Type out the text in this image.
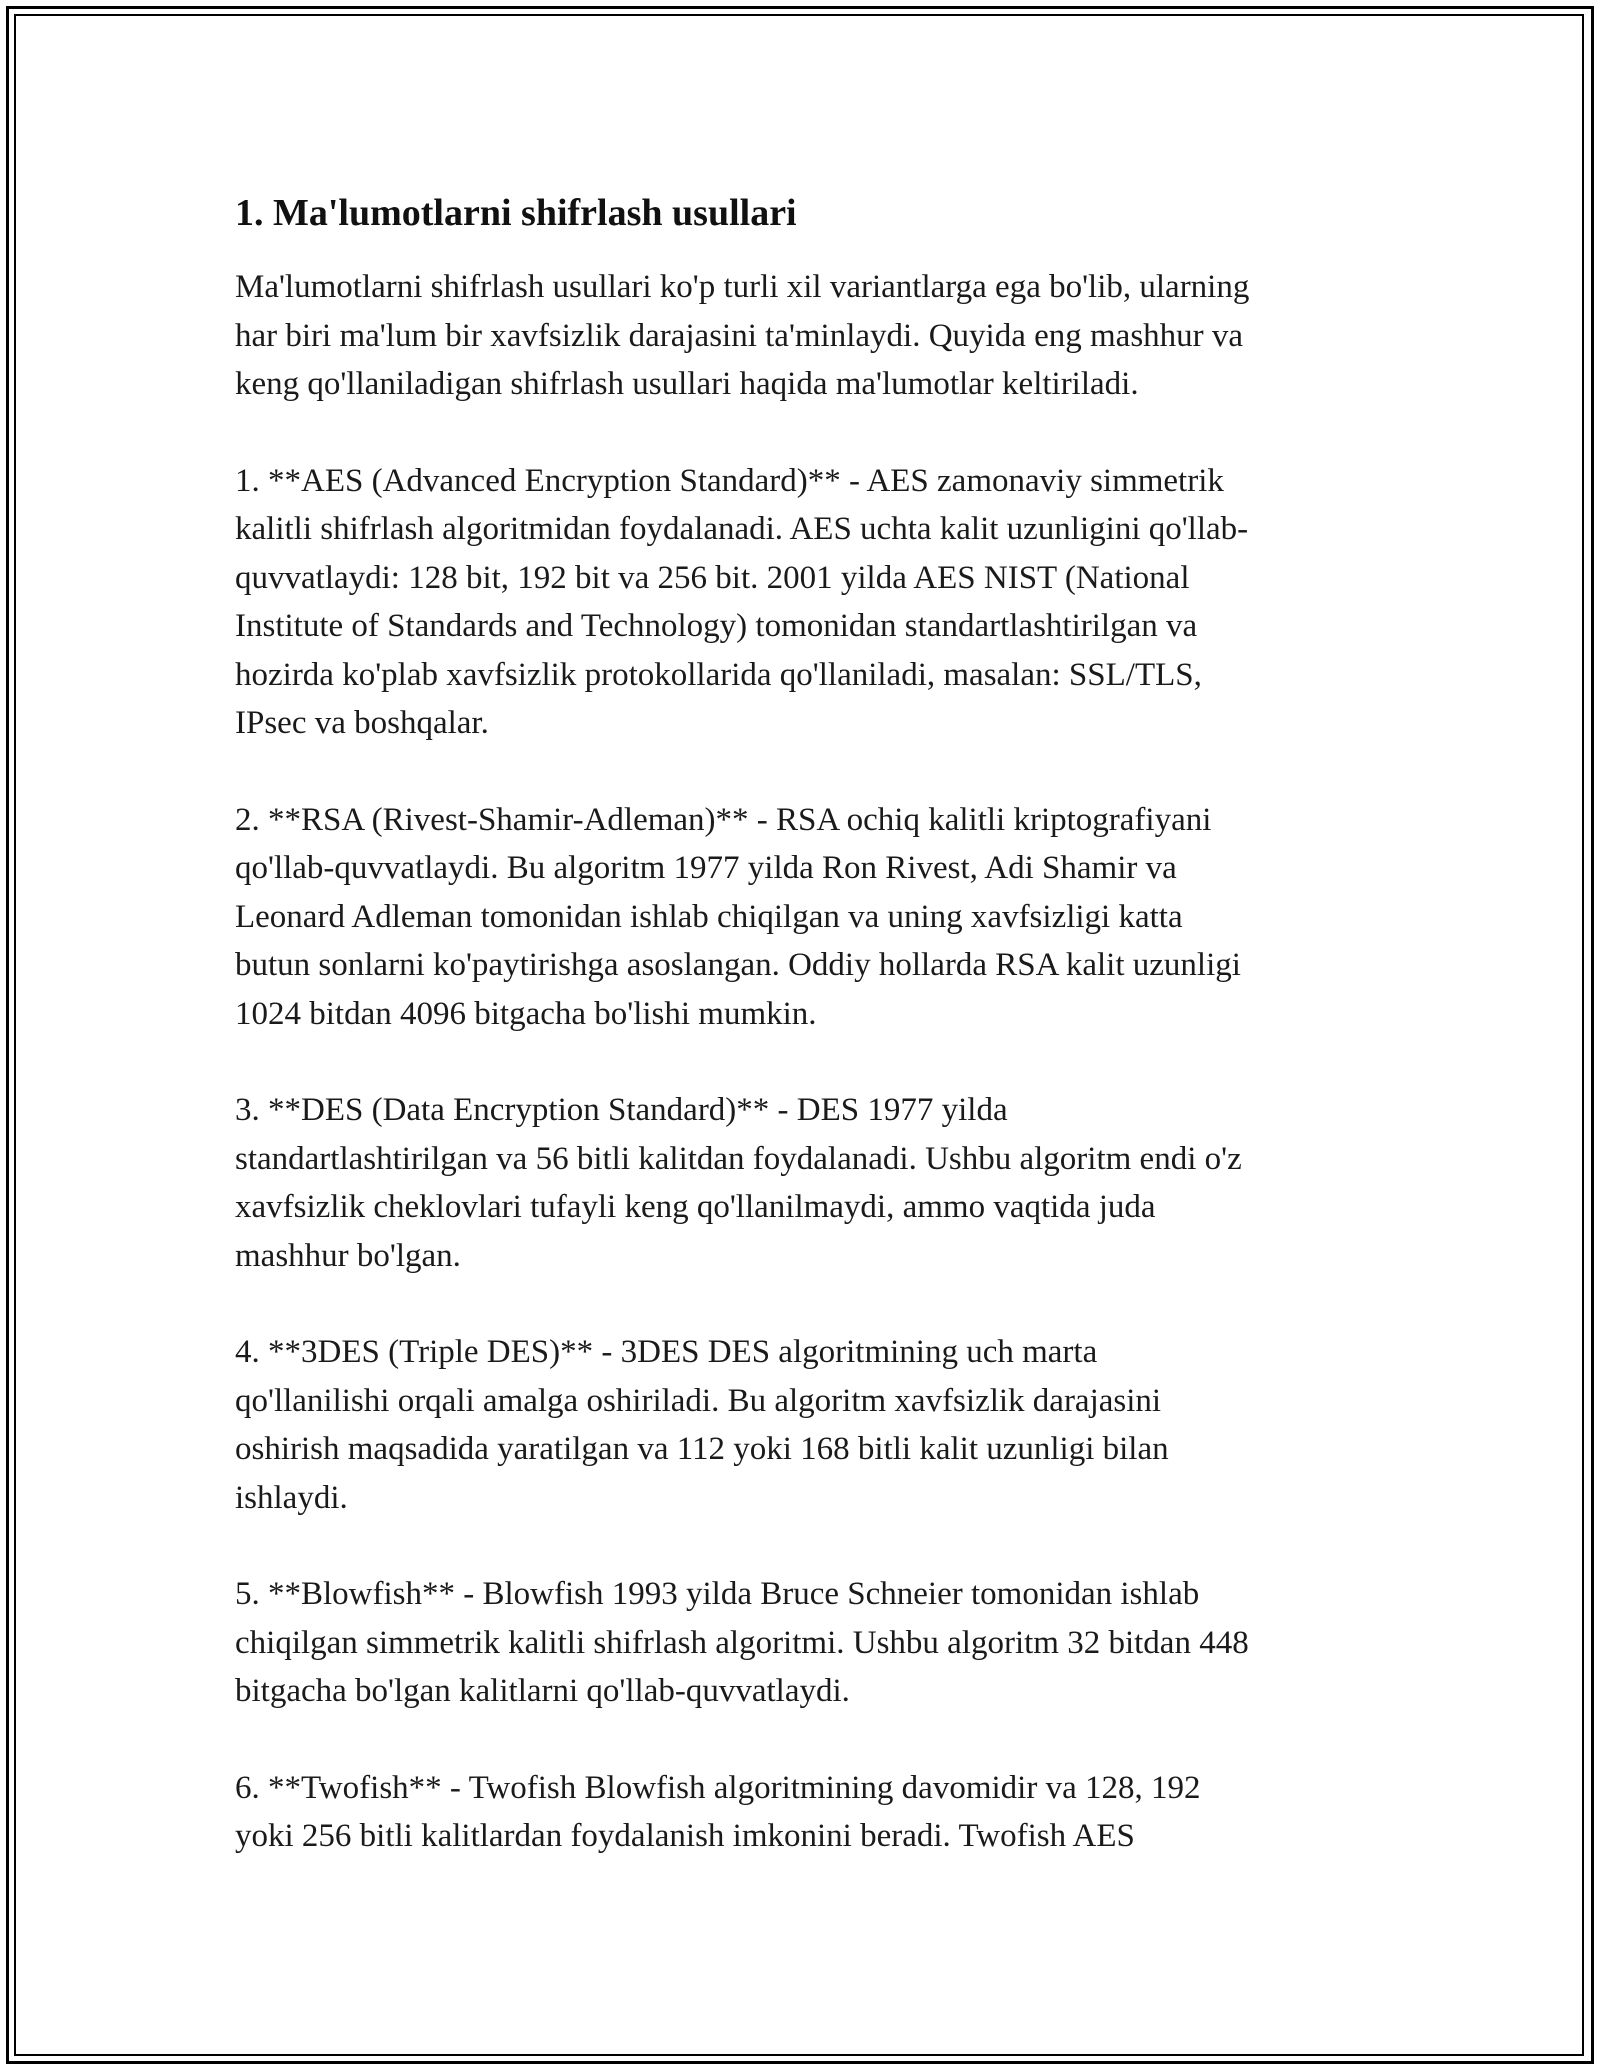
1. Ma'lumotlarni shifrlash usullari

Ma'lumotlarni shifrlash usullari ko'p turli xil variantlarga ega bo'lib, ularning
har biri ma'lum bir xavfsizlik darajasini ta'minlaydi. Quyida eng mashhur va
keng qo'llaniladigan shifrlash usullari haqida ma'lumotlar keltiriladi.

1. **AES (Advanced Encryption Standard)** - AES zamonaviy simmetrik
kalitli shifrlash algoritmidan foydalanadi. AES uchta kalit uzunligini qo'llab-
quvvatlaydi: 128 bit, 192 bit va 256 bit. 2001 yilda AES NIST (National
Institute of Standards and Technology) tomonidan standartlashtirilgan va
hozirda ko'plab xavfsizlik protokollarida qo'llaniladi, masalan: SSL/TLS,
IPsec va boshqalar.

2. **RSA (Rivest-Shamir-Adleman)** - RSA ochiq kalitli kriptografiyani
qo'llab-quvvatlaydi. Bu algoritm 1977 yilda Ron Rivest, Adi Shamir va
Leonard Adleman tomonidan ishlab chiqilgan va uning xavfsizligi katta
butun sonlarni ko'paytirishga asoslangan. Oddiy hollarda RSA kalit uzunligi
1024 bitdan 4096 bitgacha bo'lishi mumkin.

3. **DES (Data Encryption Standard)** - DES 1977 yilda
standartlashtirilgan va 56 bitli kalitdan foydalanadi. Ushbu algoritm endi o'z
xavfsizlik cheklovlari tufayli keng qo'llanilmaydi, ammo vaqtida juda
mashhur bo'lgan.

4. **3DES (Triple DES)** - 3DES DES algoritmining uch marta
qo'llanilishi orqali amalga oshiriladi. Bu algoritm xavfsizlik darajasini
oshirish maqsadida yaratilgan va 112 yoki 168 bitli kalit uzunligi bilan
ishlaydi.

5. **Blowfish** - Blowfish 1993 yilda Bruce Schneier tomonidan ishlab
chiqilgan simmetrik kalitli shifrlash algoritmi. Ushbu algoritm 32 bitdan 448
bitgacha bo'lgan kalitlarni qo'llab-quvvatlaydi.

6. **Twofish** - Twofish Blowfish algoritmining davomidir va 128, 192
yoki 256 bitli kalitlardan foydalanish imkonini beradi. Twofish AES
